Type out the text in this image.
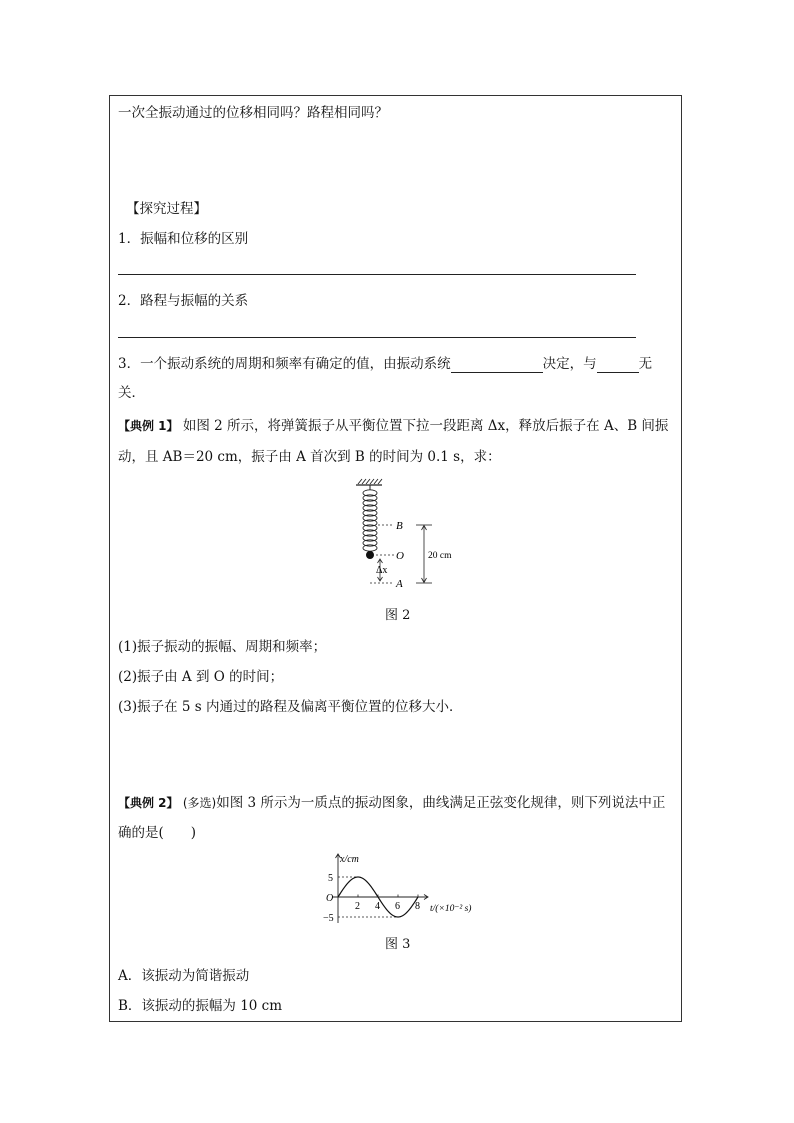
一次全振动通过的位移相同吗？路程相同吗？
【探究过程】
1．振幅和位移的区别
2．路程与振幅的关系
3．一个振动系统的周期和频率有确定的值，由振动系统	决定，与	无
关．
【典例 1】 如图 2 所示，将弹簧振子从平衡位置下拉一段距离 Δx，释放后振子在 A、B 间振
动，且 AB＝20 cm，振子由 A 首次到 B 的时间为 0.1 s，求：
B
O
A
Δx
20 cm
图 2
(1)振子振动的振幅、周期和频率；
(2)振子由 A 到 O 的时间；
(3)振子在 5 s 内通过的路程及偏离平衡位置的位移大小．
【典例 2】 (多选)如图 3 所示为一质点的振动图象，曲线满足正弦变化规律，则下列说法中正
确的是(　　)
x/cm
t/(×10⁻² s)
O
2 4 6 8
5
−5
图 3
A．该振动为简谐振动
B．该振动的振幅为 10 cm
